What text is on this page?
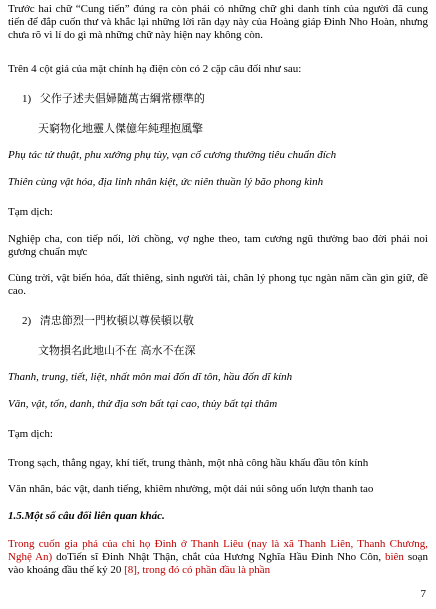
Trước hai chữ “Cung tiến” đúng ra còn phải có những chữ ghi danh tính của người đã cung tiến để đắp cuốn thư và khắc lại những lời răn dạy này của Hoàng giáp Đinh Nho Hoàn, nhưng chưa rõ vì lí do gì mà những chữ này hiện nay không còn.
Trên 4 cột giả của mặt chính hạ điện còn có 2 cặp câu đối như sau:
1) 父作子述夫倡婦隨萬古綱常標準的
天窮物化地靈人傑億年純理抱風擎
Phụ tác tử thuật, phu xướng phụ tùy, vạn cổ cương thường tiêu chuẩn đích
Thiên cùng vật hóa, địa linh nhân kiệt, ức niên thuần lý bão phong kình
Tạm dịch:
Nghiệp cha, con tiếp nối, lời chồng, vợ nghe theo, tam cương ngũ thường bao đời phải noi gương chuẩn mực
Cùng trời, vật biến hóa, đất thiêng, sinh người tài, chân lý phong tục ngàn năm cần gìn giữ, đề cao.
2) 清忠節烈一門枚頓以尊侯頓以敬
文物損名此地山不在 高水不在深
Thanh, trung, tiết, liệt, nhất môn mai đốn dĩ tôn, hầu đốn dĩ kính
Văn, vật, tốn, danh, thử địa sơn bất tại cao, thủy bất tại thâm
Tạm dịch:
Trong sạch, thẳng ngay, khí tiết, trung thành, một nhà công hầu khấu đầu tôn kính
Văn nhân, bác vật, danh tiếng, khiêm nhường, một dải núi sông uốn lượn thanh tao
1.5.Một số câu đối liên quan khác.
Trong cuốn gia phả của chi họ Đinh ở Thanh Liêu (nay là xã Thanh Liên, Thanh Chương, Nghệ An) doTiến sĩ Đinh Nhật Thận, chắt của Hương Nghĩa Hầu Đinh Nho Côn, biên soạn vào khoảng đầu thế kỷ 20 [8], trong đó có phần đầu là phần
7
